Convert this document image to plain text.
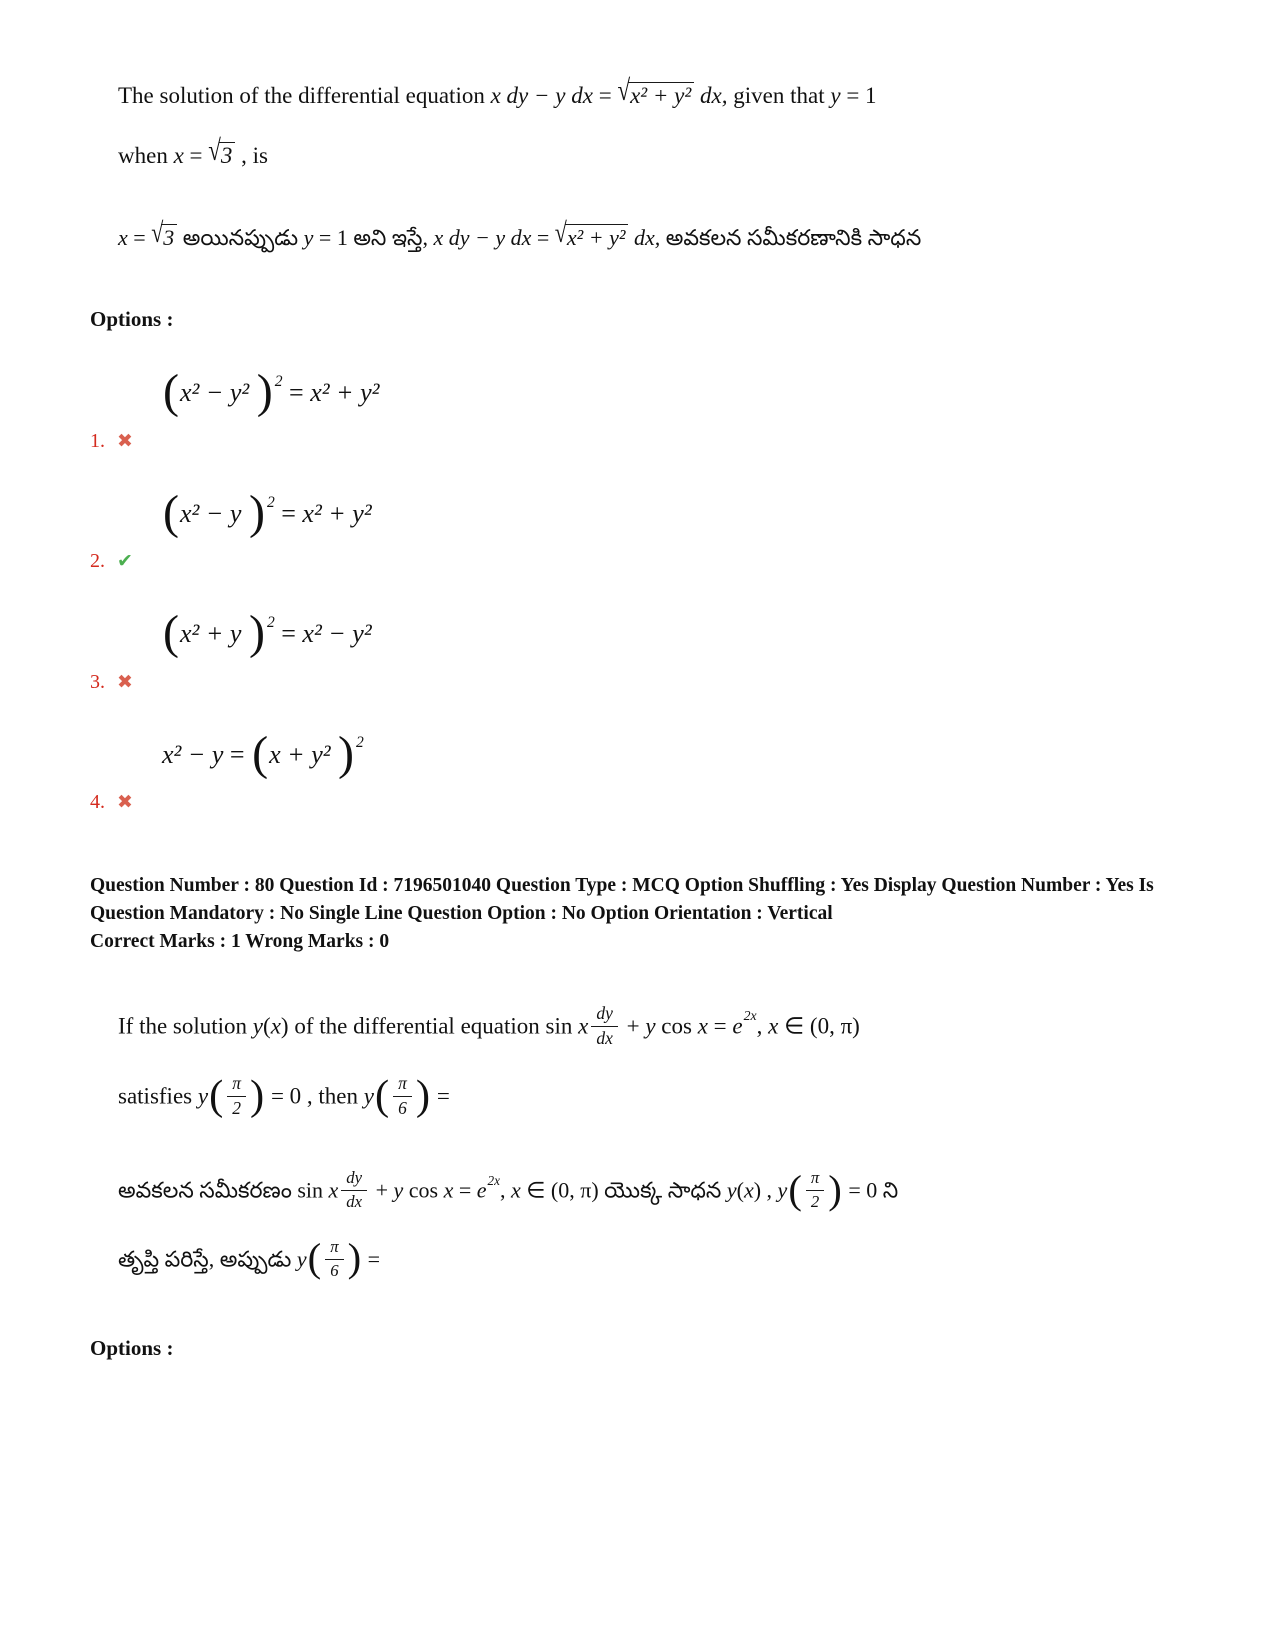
The solution of the differential equation x dy − y dx = √x² + y² dx, given that y = 1

when x = √3 , is

x = √3 అయినప్పుడు y = 1 అని ఇస్తే, x dy − y dx = √x² + y² dx, అవకలన సమీకరణానికి సాధన

Options :

(x² − y² ) $^2$ = x² + y²
1. ✖
(x² − y ) $^2$ = x² + y²
2. ✔
(x² + y ) $^2$ = x² − y²
3. ✖
x² − y = (x + y² ) $^2$
4. ✖

Question Number : 80 Question Id : 7196501040 Question Type : MCQ Option Shuffling : Yes Display Question Number : Yes Is Question Mandatory : No Single Line Question Option : No Option Orientation : Vertical

Correct Marks : 1 Wrong Marks : 0

If the solution y(x) of the differential equation sin x $\frac{dy}{dx} + y$ $\cos x = e^{2x}$, x ∈ (0, π)

satisfies $y( \frac{\pi}{2}$ ) = 0 , then $y( \frac{\pi}{6}$ ) =

అవకలన సమీకరణం sin x $\frac{dy}{dx} + y$ $\cos x = e^{2x}$, x ∈ (0, π) యొక్క సాధన y(x) , $y( \frac{\pi}{2}$ ) = 0 ని

తృప్తి పరిస్తే, అప్పుడు $y( \frac{\pi}{6}$ ) =

Options :
